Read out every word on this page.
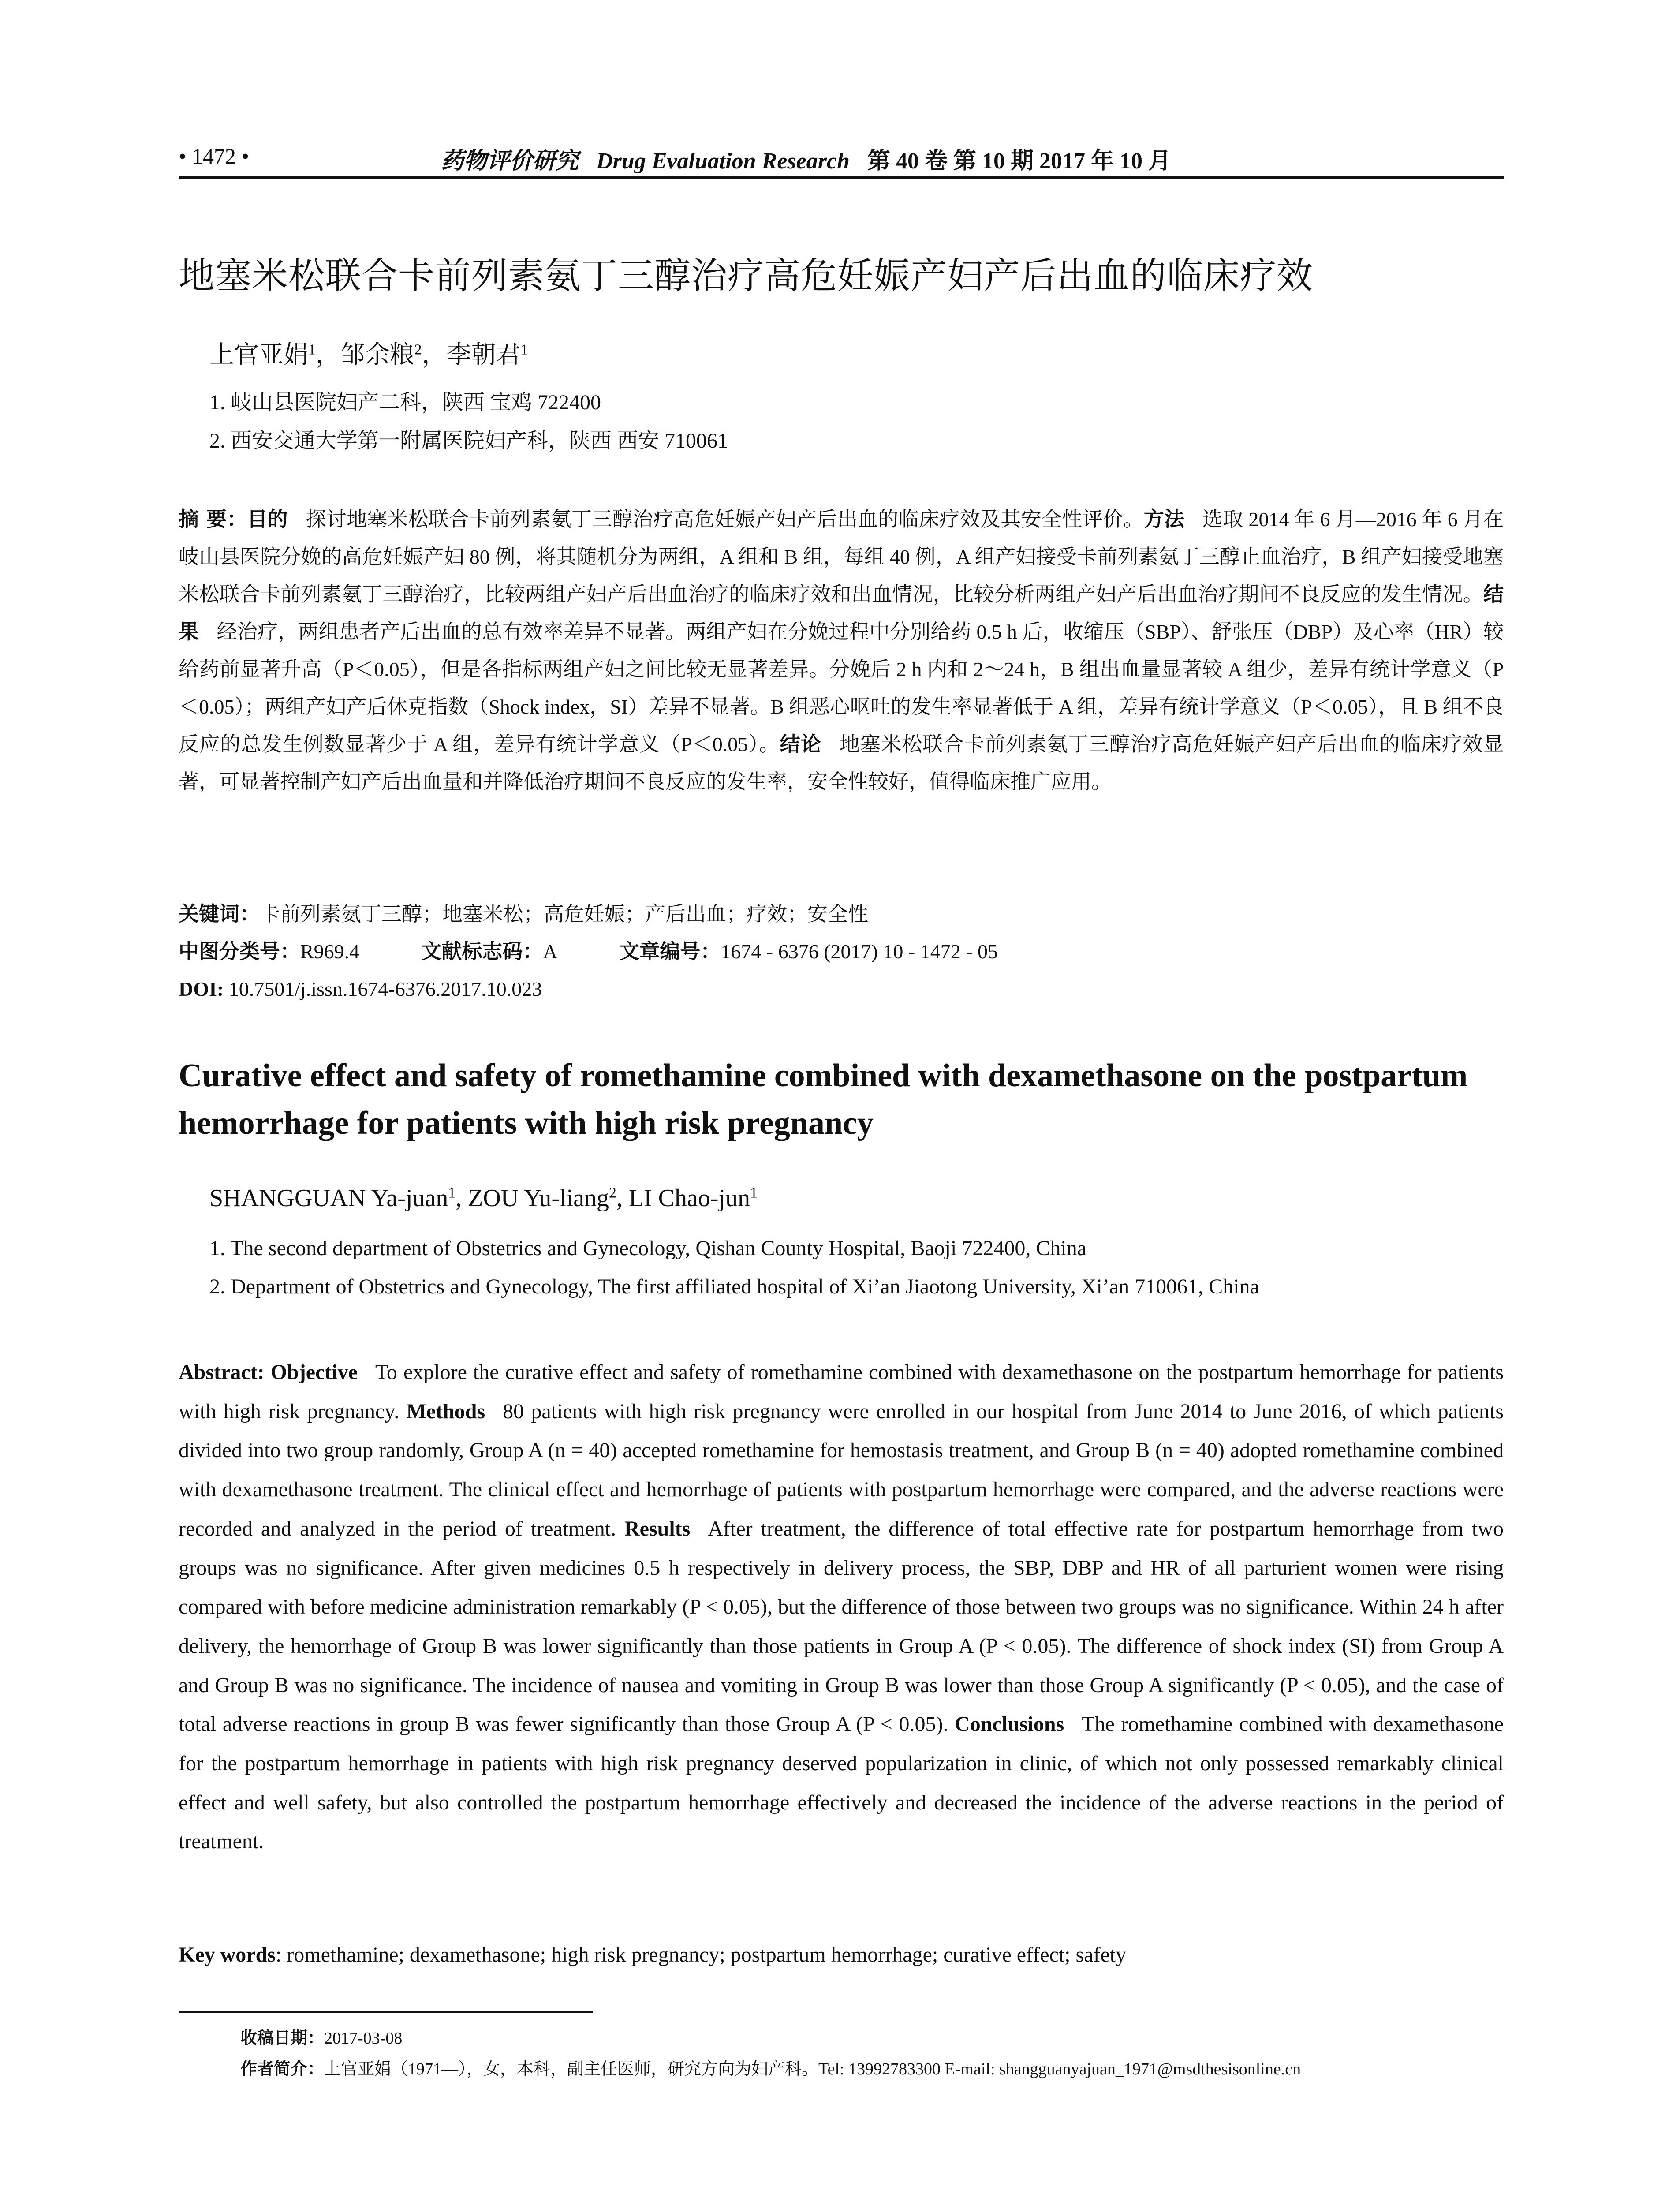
• 1472 •	药物评价研究 Drug Evaluation Research 第 40 卷 第 10 期 2017 年 10 月
地塞米松联合卡前列素氨丁三醇治疗高危妊娠产妇产后出血的临床疗效
上官亚娟$^1$，邹余粮$^2$，李朝君$^1$
1. 岐山县医院妇产二科，陕西 宝鸡 722400
2. 西安交通大学第一附属医院妇产科，陕西 西安 710061
摘 要：目的 探讨地塞米松联合卡前列素氨丁三醇治疗高危妊娠产妇产后出血的临床疗效及其安全性评价。方法 选取 2014 年 6 月—2016 年 6 月在岐山县医院分娩的高危妊娠产妇 80 例，将其随机分为两组，A 组和 B 组，每组 40 例，A 组产妇接受卡前列素氨丁三醇止血治疗，B 组产妇接受地塞米松联合卡前列素氨丁三醇治疗，比较两组产妇产后出血治疗的临床疗效和出血情况，比较分析两组产妇产后出血治疗期间不良反应的发生情况。结果 经治疗，两组患者产后出血的总有效率差异不显著。两组产妇在分娩过程中分别给药 0.5 h 后，收缩压（SBP）、舒张压（DBP）及心率（HR）较给药前显著升高（P＜0.05），但是各指标两组产妇之间比较无显著差异。分娩后 2 h 内和 2～24 h，B 组出血量显著较 A 组少，差异有统计学意义（P＜0.05）；两组产妇产后休克指数（Shock index，SI）差异不显著。B 组恶心呕吐的发生率显著低于 A 组，差异有统计学意义（P＜0.05），且 B 组不良反应的总发生例数显著少于 A 组，差异有统计学意义（P＜0.05）。结论 地塞米松联合卡前列素氨丁三醇治疗高危妊娠产妇产后出血的临床疗效显著，可显著控制产妇产后出血量和并降低治疗期间不良反应的发生率，安全性较好，值得临床推广应用。
关键词：卡前列素氨丁三醇；地塞米松；高危妊娠；产后出血；疗效；安全性
中图分类号：R969.4	文献标志码：A	文章编号：1674 - 6376 (2017) 10 - 1472 - 05
DOI: 10.7501/j.issn.1674-6376.2017.10.023
Curative effect and safety of romethamine combined with dexamethasone on the postpartum hemorrhage for patients with high risk pregnancy
SHANGGUAN Ya-juan$^1$, ZOU Yu-liang$^2$, LI Chao-jun$^1$
1. The second department of Obstetrics and Gynecology, Qishan County Hospital, Baoji 722400, China
2. Department of Obstetrics and Gynecology, The first affiliated hospital of Xi’an Jiaotong University, Xi’an 710061, China
Abstract: Objective To explore the curative effect and safety of romethamine combined with dexamethasone on the postpartum hemorrhage for patients with high risk pregnancy. Methods 80 patients with high risk pregnancy were enrolled in our hospital from June 2014 to June 2016, of which patients divided into two group randomly, Group A (n = 40) accepted romethamine for hemostasis treatment, and Group B (n = 40) adopted romethamine combined with dexamethasone treatment. The clinical effect and hemorrhage of patients with postpartum hemorrhage were compared, and the adverse reactions were recorded and analyzed in the period of treatment. Results After treatment, the difference of total effective rate for postpartum hemorrhage from two groups was no significance. After given medicines 0.5 h respectively in delivery process, the SBP, DBP and HR of all parturient women were rising compared with before medicine administration remarkably (P < 0.05), but the difference of those between two groups was no significance. Within 24 h after delivery, the hemorrhage of Group B was lower significantly than those patients in Group A (P < 0.05). The difference of shock index (SI) from Group A and Group B was no significance. The incidence of nausea and vomiting in Group B was lower than those Group A significantly (P < 0.05), and the case of total adverse reactions in group B was fewer significantly than those Group A (P < 0.05). Conclusions The romethamine combined with dexamethasone for the postpartum hemorrhage in patients with high risk pregnancy deserved popularization in clinic, of which not only possessed remarkably clinical effect and well safety, but also controlled the postpartum hemorrhage effectively and decreased the incidence of the adverse reactions in the period of treatment.
Key words: romethamine; dexamethasone; high risk pregnancy; postpartum hemorrhage; curative effect; safety
收稿日期：2017-03-08
作者简介：上官亚娟（1971—），女，本科，副主任医师，研究方向为妇产科。Tel: 13992783300 E-mail: shangguanyajuan_1971@msdthesisonline.cn
